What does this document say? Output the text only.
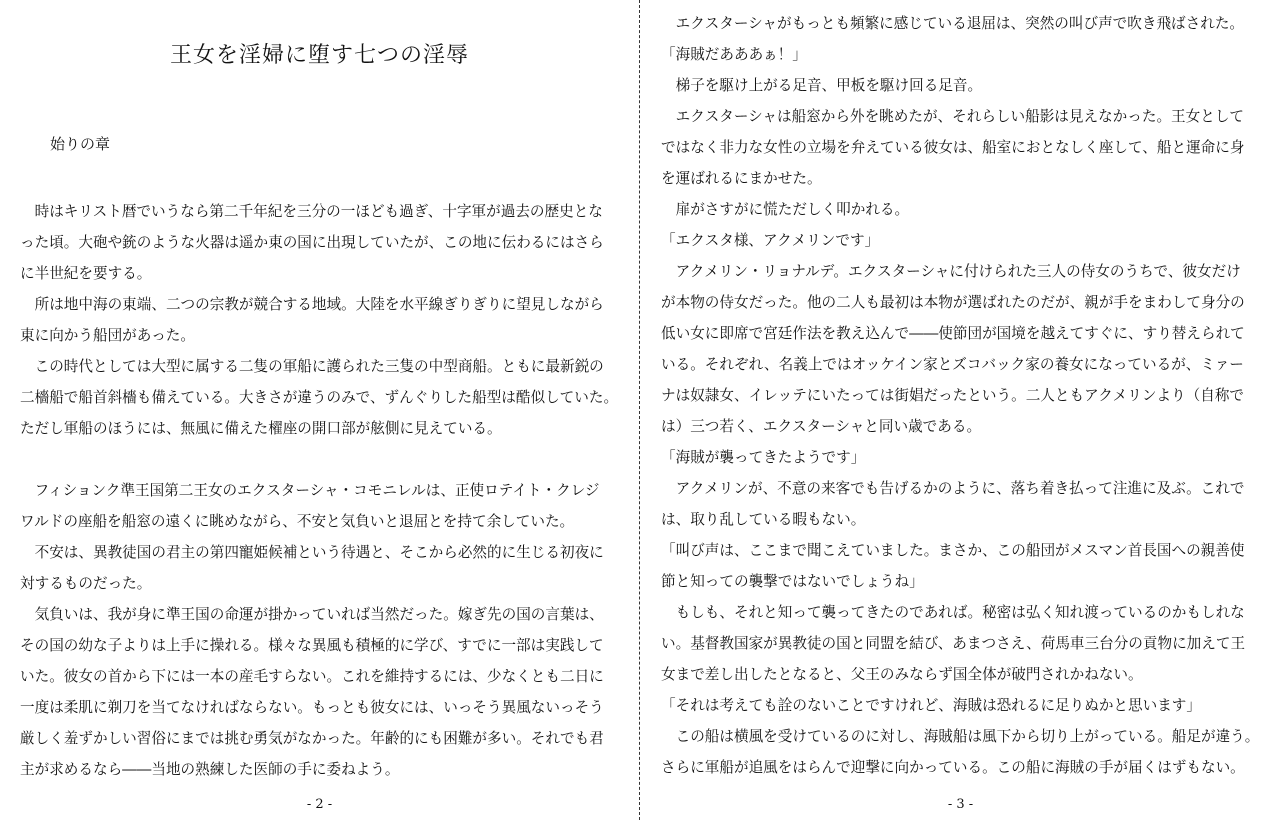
王女を淫婦に堕す七つの淫辱
始りの章
　時はキリスト暦でいうなら第二千年紀を三分の一ほども過ぎ、十字軍が過去の歴史とな
った頃。大砲や銃のような火器は遥か東の国に出現していたが、この地に伝わるにはさら
に半世紀を要する。
　所は地中海の東端、二つの宗教が競合する地域。大陸を水平線ぎりぎりに望見しながら
東に向かう船団があった。
　この時代としては大型に属する二隻の軍船に護られた三隻の中型商船。ともに最新鋭の
二檣船で船首斜檣も備えている。大きさが違うのみで、ずんぐりした船型は酷似していた。
ただし軍船のほうには、無風に備えた櫂座の開口部が舷側に見えている。
　フィションク準王国第二王女のエクスターシャ・コモニレルは、正使ロテイト・クレジ
ワルドの座船を船窓の遠くに眺めながら、不安と気負いと退屈とを持て余していた。
　不安は、異教徒国の君主の第四寵姫候補という待遇と、そこから必然的に生じる初夜に
対するものだった。
　気負いは、我が身に準王国の命運が掛かっていれば当然だった。嫁ぎ先の国の言葉は、
その国の幼な子よりは上手に操れる。様々な異風も積極的に学び、すでに一部は実践して
いた。彼女の首から下には一本の産毛すらない。これを維持するには、少なくとも二日に
一度は柔肌に剃刀を当てなければならない。もっとも彼女には、いっそう異風ないっそう
厳しく羞ずかしい習俗にまでは挑む勇気がなかった。年齢的にも困難が多い。それでも君
主が求めるなら――当地の熟練した医師の手に委ねよう。
- 2 -
　エクスターシャがもっとも頻繁に感じている退屈は、突然の叫び声で吹き飛ばされた。
「海賊だあああぁ！」
　梯子を駆け上がる足音、甲板を駆け回る足音。
　エクスターシャは船窓から外を眺めたが、それらしい船影は見えなかった。王女として
ではなく非力な女性の立場を弁えている彼女は、船室におとなしく座して、船と運命に身
を運ばれるにまかせた。
　扉がさすがに慌ただしく叩かれる。
「エクスタ様、アクメリンです」
　アクメリン・リョナルデ。エクスターシャに付けられた三人の侍女のうちで、彼女だけ
が本物の侍女だった。他の二人も最初は本物が選ばれたのだが、親が手をまわして身分の
低い女に即席で宮廷作法を教え込んで――使節団が国境を越えてすぐに、すり替えられて
いる。それぞれ、名義上ではオッケイン家とズコバック家の養女になっているが、ミァー
ナは奴隷女、イレッテにいたっては街娼だったという。二人ともアクメリンより（自称で
は）三つ若く、エクスターシャと同い歳である。
「海賊が襲ってきたようです」
　アクメリンが、不意の来客でも告げるかのように、落ち着き払って注進に及ぶ。これで
は、取り乱している暇もない。
「叫び声は、ここまで聞こえていました。まさか、この船団がメスマン首長国への親善使
節と知っての襲撃ではないでしょうね」
　もしも、それと知って襲ってきたのであれば。秘密は弘く知れ渡っているのかもしれな
い。基督教国家が異教徒の国と同盟を結び、あまつさえ、荷馬車三台分の貢物に加えて王
女まで差し出したとなると、父王のみならず国全体が破門されかねない。
「それは考えても詮のないことですけれど、海賊は恐れるに足りぬかと思います」
　この船は横風を受けているのに対し、海賊船は風下から切り上がっている。船足が違う。
さらに軍船が追風をはらんで迎撃に向かっている。この船に海賊の手が届くはずもない。
- 3 -
